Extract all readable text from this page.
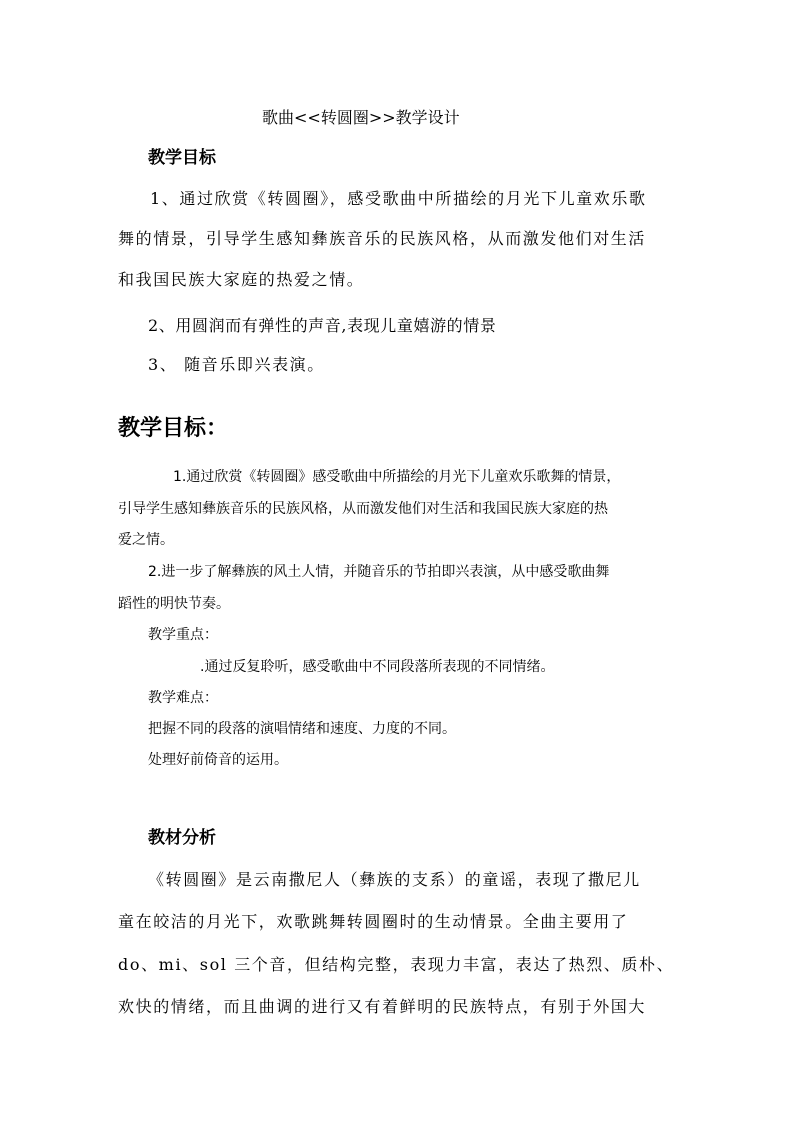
歌曲<<转圆圈>>教学设计
教学目标
1、通过欣赏《转圆圈》，感受歌曲中所描绘的月光下儿童欢乐歌
舞的情景，引导学生感知彝族音乐的民族风格，从而激发他们对生活
和我国民族大家庭的热爱之情。
2、用圆润而有弹性的声音,表现儿童嬉游的情景
3、 随音乐即兴表演。
教学目标：
1.通过欣赏《转圆圈》感受歌曲中所描绘的月光下儿童欢乐歌舞的情景，
引导学生感知彝族音乐的民族风格，从而激发他们对生活和我国民族大家庭的热
爱之情。
2.进一步了解彝族的风土人情，并随音乐的节拍即兴表演，从中感受歌曲舞
蹈性的明快节奏。
教学重点：
.通过反复聆听，感受歌曲中不同段落所表现的不同情绪。
教学难点：
把握不同的段落的演唱情绪和速度、力度的不同。
处理好前倚音的运用。
教材分析
《转圆圈》是云南撒尼人（彝族的支系）的童谣，表现了撒尼儿
童在皎洁的月光下，欢歌跳舞转圆圈时的生动情景。全曲主要用了
do、mi、sol 三个音，但结构完整，表现力丰富，表达了热烈、质朴、
欢快的情绪，而且曲调的进行又有着鲜明的民族特点，有别于外国大
